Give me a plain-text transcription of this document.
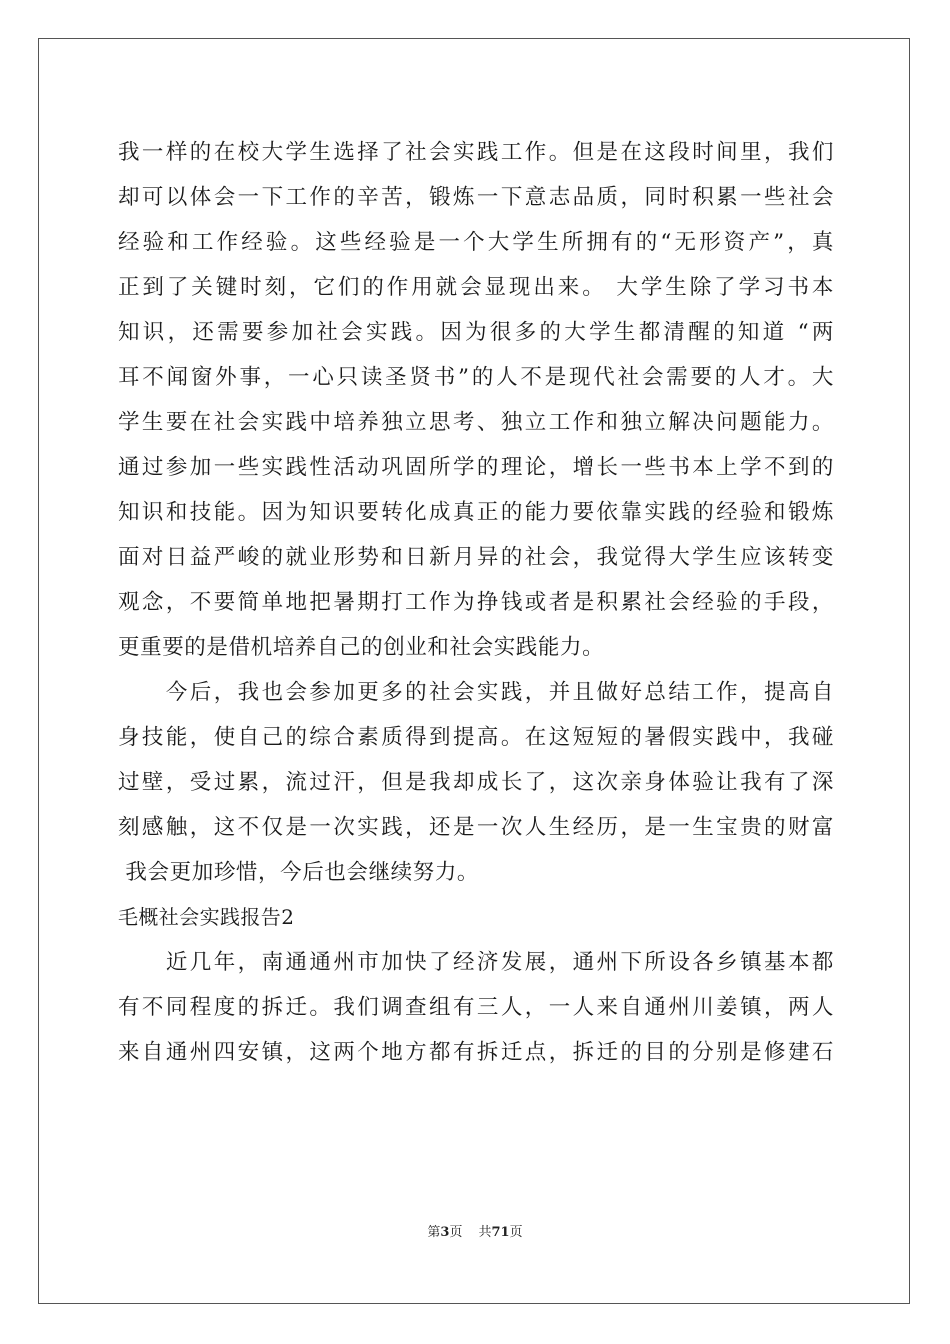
我一样的在校大学生选择了社会实践工作。但是在这段时间里，我们
却可以体会一下工作的辛苦，锻炼一下意志品质，同时积累一些社会
经验和工作经验。这些经验是一个大学生所拥有的“无形资产”，真
正到了关键时刻，它们的作用就会显现出来。 大学生除了学习书本
知识，还需要参加社会实践。因为很多的大学生都清醒的知道 “两
耳不闻窗外事，一心只读圣贤书”的人不是现代社会需要的人才。大
学生要在社会实践中培养独立思考、独立工作和独立解决问题能力。
通过参加一些实践性活动巩固所学的理论，增长一些书本上学不到的
知识和技能。因为知识要转化成真正的能力要依靠实践的经验和锻炼
面对日益严峻的就业形势和日新月异的社会，我觉得大学生应该转变
观念，不要简单地把暑期打工作为挣钱或者是积累社会经验的手段，
更重要的是借机培养自己的创业和社会实践能力。
　　今后，我也会参加更多的社会实践，并且做好总结工作，提高自
身技能，使自己的综合素质得到提高。在这短短的暑假实践中，我碰
过壁，受过累，流过汗，但是我却成长了，这次亲身体验让我有了深
刻感触，这不仅是一次实践，还是一次人生经历，是一生宝贵的财富
我会更加珍惜，今后也会继续努力。
毛概社会实践报告2
　　近几年，南通通州市加快了经济发展，通州下所设各乡镇基本都
有不同程度的拆迁。我们调查组有三人，一人来自通州川姜镇，两人
来自通州四安镇，这两个地方都有拆迁点，拆迁的目的分别是修建石
第3页 共71页
